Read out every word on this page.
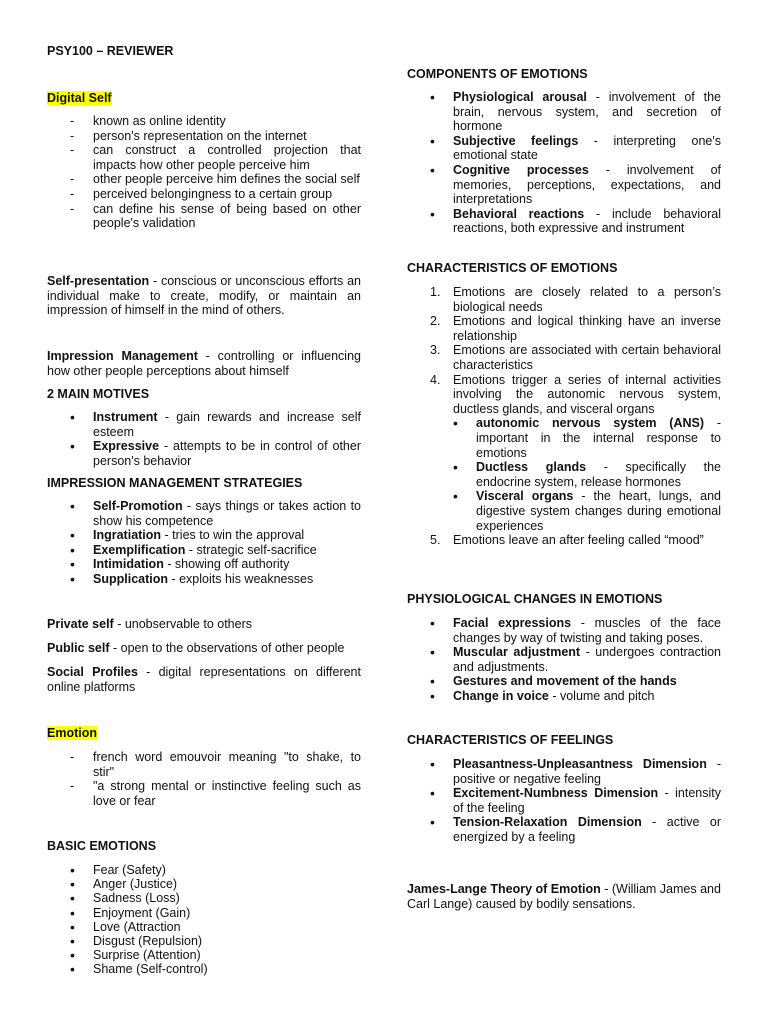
PSY100 – REVIEWER
Digital Self
- known as online identity
- person's representation on the internet
- can construct a controlled projection that impacts how other people perceive him
- other people perceive him defines the social self
- perceived belongingness to a certain group
- can define his sense of being based on other people's validation

Self-presentation - conscious or unconscious efforts an individual make to create, modify, or maintain an impression of himself in the mind of others.

Impression Management - controlling or influencing how other people perceptions about himself

2 MAIN MOTIVES
• Instrument - gain rewards and increase self esteem
• Expressive - attempts to be in control of other person's behavior
IMPRESSION MANAGEMENT STRATEGIES
• Self-Promotion - says things or takes action to show his competence
• Ingratiation - tries to win the approval
• Exemplification - strategic self-sacrifice
• Intimidation - showing off authority
• Supplication - exploits his weaknesses

Private self - unobservable to others

Public self - open to the observations of other people

Social Profiles - digital representations on different online platforms

Emotion
- french word emouvoir meaning "to shake, to stir"
- "a strong mental or instinctive feeling such as love or fear
BASIC EMOTIONS
• Fear (Safety)
• Anger (Justice)
• Sadness (Loss)
• Enjoyment (Gain)
• Love (Attraction
• Disgust (Repulsion)
• Surprise (Attention)
• Shame (Self-control)
COMPONENTS OF EMOTIONS
• Physiological arousal - involvement of the brain, nervous system, and secretion of hormone
• Subjective feelings - interpreting one's emotional state
• Cognitive processes - involvement of memories, perceptions, expectations, and interpretations
• Behavioral reactions - include behavioral reactions, both expressive and instrument
CHARACTERISTICS OF EMOTIONS
1. Emotions are closely related to a person’s biological needs
2. Emotions and logical thinking have an inverse relationship
3. Emotions are associated with certain behavioral characteristics
4. Emotions trigger a series of internal activities involving the autonomic nervous system, ductless glands, and visceral organs
• autonomic nervous system (ANS) - important in the internal response to emotions
• Ductless glands - specifically the endocrine system, release hormones
• Visceral organs - the heart, lungs, and digestive system changes during emotional experiences
5. Emotions leave an after feeling called “mood”
PHYSIOLOGICAL CHANGES IN EMOTIONS
• Facial expressions - muscles of the face changes by way of twisting and taking poses.
• Muscular adjustment - undergoes contraction and adjustments.
• Gestures and movement of the hands
• Change in voice - volume and pitch
CHARACTERISTICS OF FEELINGS
• Pleasantness-Unpleasantness Dimension - positive or negative feeling
• Excitement-Numbness Dimension - intensity of the feeling
• Tension-Relaxation Dimension - active or energized by a feeling

James-Lange Theory of Emotion - (William James and Carl Lange) caused by bodily sensations.
